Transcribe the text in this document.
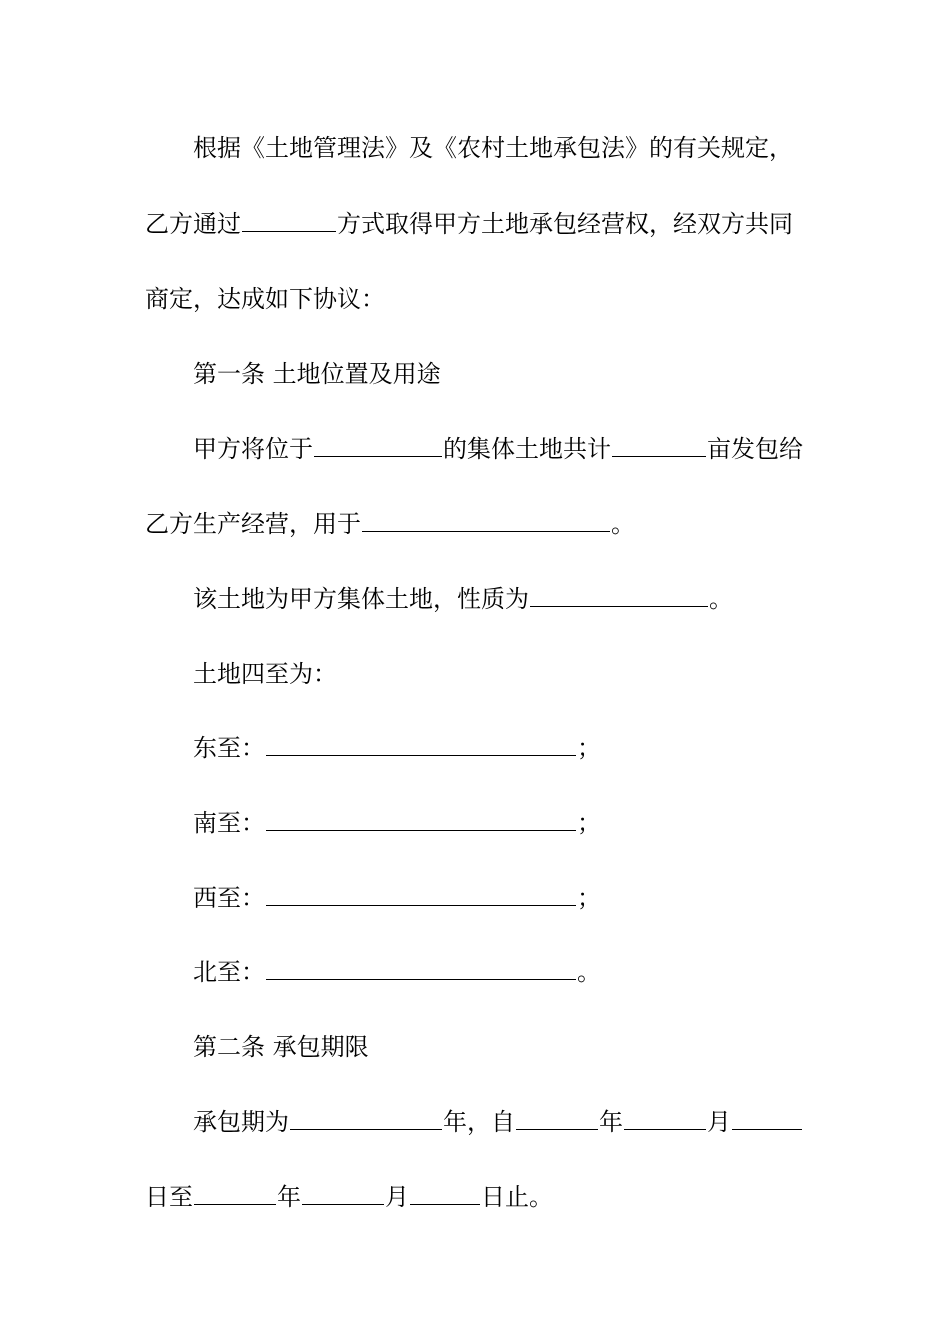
根据《土地管理法》及《农村土地承包法》的有关规定，
乙方通过	方式取得甲方土地承包经营权，经双方共同
商定，达成如下协议：
第一条 土地位置及用途
甲方将位于	的集体土地共计	亩发包给
乙方生产经营，用于	。
该土地为甲方集体土地，性质为	。
土地四至为：
东至：	；
南至：	；
西至：	；
北至：	。
第二条 承包期限
承包期为	年，自	年	月
日至	年	月	日止。
